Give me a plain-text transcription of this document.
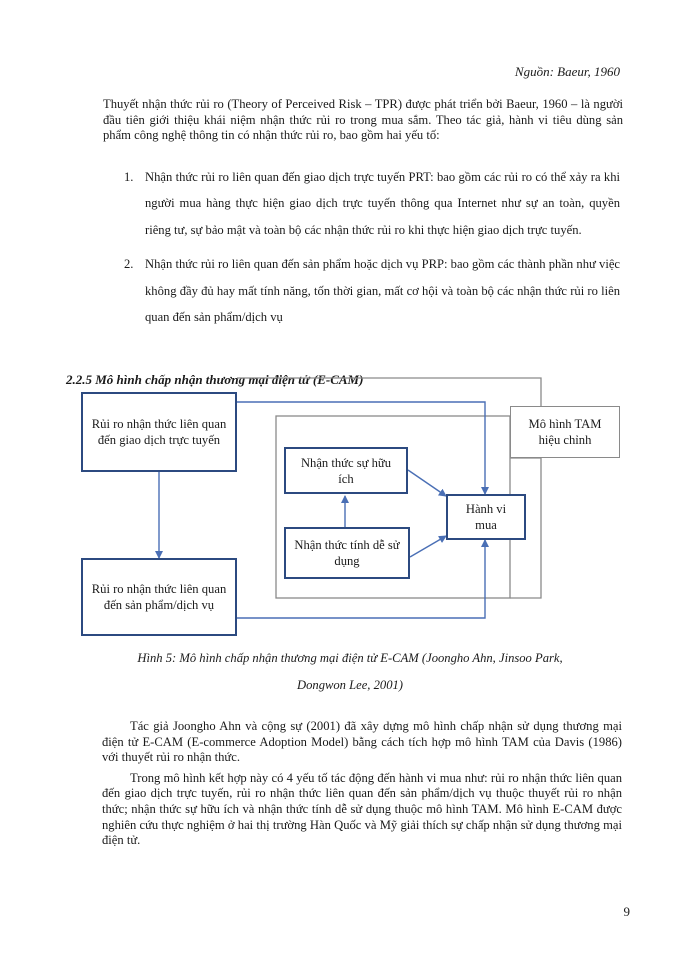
Nguồn: Baeur, 1960
Thuyết nhận thức rủi ro (Theory of Perceived Risk – TPR) được phát triển bởi Baeur, 1960 – là người đầu tiên giới thiệu khái niệm nhận thức rủi ro trong mua sắm. Theo tác giả, hành vi tiêu dùng sản phẩm công nghệ thông tin có nhận thức rủi ro, bao gồm hai yếu tố:
1. Nhận thức rủi ro liên quan đến giao dịch trực tuyến PRT: bao gồm các rủi ro có thể xảy ra khi người mua hàng thực hiện giao dịch trực tuyến thông qua Internet như sự an toàn, quyền riêng tư, sự bảo mật và toàn bộ các nhận thức rủi ro khi thực hiện giao dịch trực tuyến.
2. Nhận thức rủi ro liên quan đến sản phẩm hoặc dịch vụ PRP: bao gồm các thành phần như việc không đầy đủ hay mất tính năng, tốn thời gian, mất cơ hội và toàn bộ các nhận thức rủi ro liên quan đến sản phẩm/dịch vụ
2.2.5 Mô hình chấp nhận thương mại điện tử (E-CAM)
Rủi ro nhận thức liên quan đến giao dịch trực tuyến
Rủi ro nhận thức liên quan đến sản phẩm/dịch vụ
Mô hình TAM hiệu chỉnh
Nhận thức sự hữu ích
Nhận thức tính dễ sử dụng
Hành vi mua
Hình 5: Mô hình chấp nhận thương mại điện tử E-CAM (Joongho Ahn, Jinsoo Park,
Dongwon Lee, 2001)

Tác giả Joongho Ahn và cộng sự (2001) đã xây dựng mô hình chấp nhận sử dụng thương mại điện tử E-CAM (E-commerce Adoption Model) bằng cách tích hợp mô hình TAM của Davis (1986) với thuyết rủi ro nhận thức.

Trong mô hình kết hợp này có 4 yếu tố tác động đến hành vi mua như: rủi ro nhận thức liên quan đến giao dịch trực tuyến, rủi ro nhận thức liên quan đến sản phẩm/dịch vụ thuộc thuyết rủi ro nhận thức; nhận thức sự hữu ích và nhận thức tính dễ sử dụng thuộc mô hình TAM. Mô hình E-CAM được nghiên cứu thực nghiệm ở hai thị trường Hàn Quốc và Mỹ giải thích sự chấp nhận sử dụng thương mại điện tử.

9
